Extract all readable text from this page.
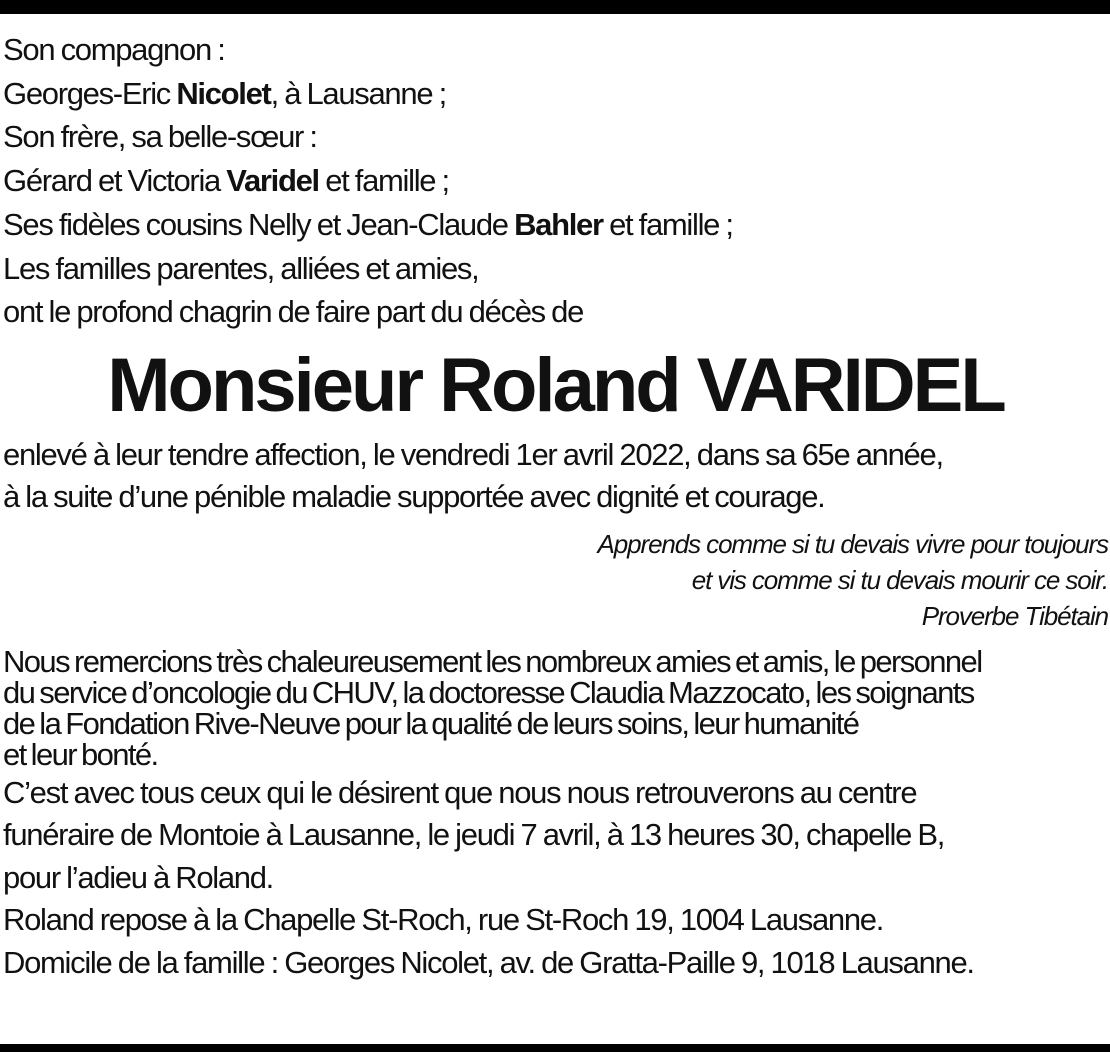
Son compagnon :
Georges-Eric Nicolet, à Lausanne ;
Son frère, sa belle-sœur :
Gérard et Victoria Varidel et famille ;
Ses fidèles cousins Nelly et Jean-Claude Bahler et famille ;
Les familles parentes, alliées et amies,
ont le profond chagrin de faire part du décès de
Monsieur Roland VARIDEL
enlevé à leur tendre affection, le vendredi 1er avril 2022, dans sa 65e année,
à la suite d’une pénible maladie supportée avec dignité et courage.
Apprends comme si tu devais vivre pour toujours
et vis comme si tu devais mourir ce soir.
Proverbe Tibétain
Nous remercions très chaleureusement les nombreux amies et amis, le personnel
du service d’oncologie du CHUV, la doctoresse Claudia Mazzocato, les soignants
de la Fondation Rive-Neuve pour la qualité de leurs soins, leur humanité
et leur bonté.
C’est avec tous ceux qui le désirent que nous nous retrouverons au centre
funéraire de Montoie à Lausanne, le jeudi 7 avril, à 13 heures 30, chapelle B,
pour l’adieu à Roland.
Roland repose à la Chapelle St-Roch, rue St-Roch 19, 1004 Lausanne.
Domicile de la famille : Georges Nicolet, av. de Gratta-Paille 9, 1018 Lausanne.
